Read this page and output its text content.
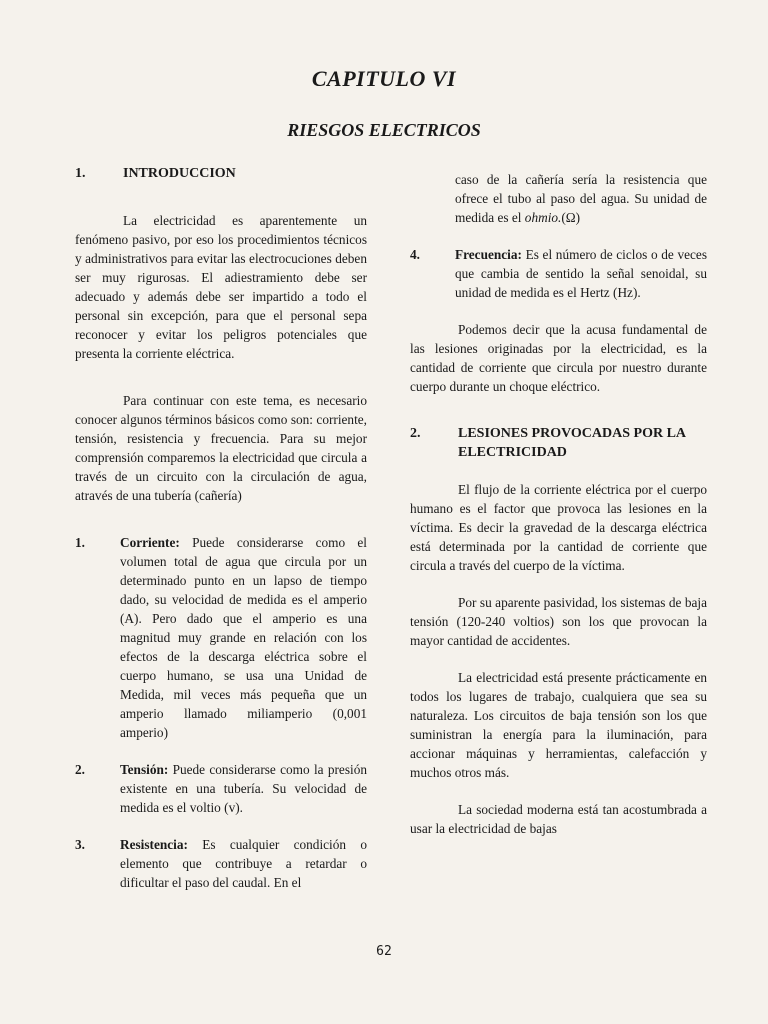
CAPITULO VI
RIESGOS ELECTRICOS
1.	INTRODUCCION

La electricidad es aparentemente un fenómeno pasivo, por eso los procedimientos técnicos y administrativos para evitar las electrocuciones deben ser muy rigurosas. El adiestramiento debe ser adecuado y además debe ser impartido a todo el personal sin excepción, para que el personal sepa reconocer y evitar los peligros potenciales que presenta la corriente eléctrica.

Para continuar con este tema, es necesario conocer algunos términos básicos como son: corriente, tensión, resistencia y frecuencia. Para su mejor comprensión comparemos la electricidad que circula a través de un circuito con la circulación de agua, através de una tubería (cañería)

1.	Corriente: Puede considerarse como el volumen total de agua que circula por un determinado punto en un lapso de tiempo dado, su velocidad de medida es el amperio (A). Pero dado que el amperio es una magnitud muy grande en relación con los efectos de la descarga eléctrica sobre el cuerpo humano, se usa una Unidad de Medida, mil veces más pequeña que un amperio llamado miliamperio (0,001 amperio)
2.	Tensión: Puede considerarse como la presión existente en una tubería. Su velocidad de medida es el voltio (v).
3.	Resistencia: Es cualquier condición o elemento que contribuye a retardar o dificultar el paso del caudal. En el

caso de la cañería sería la resistencia que ofrece el tubo al paso del agua. Su unidad de medida es el ohmio.(Ω)

4.	Frecuencia: Es el número de ciclos o de veces que cambia de sentido la señal senoidal, su unidad de medida es el Hertz (Hz).

Podemos decir que la acusa fundamental de las lesiones originadas por la electricidad, es la cantidad de corriente que circula por nuestro durante cuerpo durante un choque eléctrico.

2.	LESIONES PROVOCADAS POR LA ELECTRICIDAD

El flujo de la corriente eléctrica por el cuerpo humano es el factor que provoca las lesiones en la víctima. Es decir la gravedad de la descarga eléctrica está determinada por la cantidad de corriente que circula a través del cuerpo de la víctima.

Por su aparente pasividad, los sistemas de baja tensión (120-240 voltios) son los que provocan la mayor cantidad de accidentes.

La electricidad está presente prácticamente en todos los lugares de trabajo, cualquiera que sea su naturaleza. Los circuitos de baja tensión son los que suministran la energía para la iluminación, para accionar máquinas y herramientas, calefacción y muchos otros más.

La sociedad moderna está tan acostumbrada a usar la electricidad de bajas

62
